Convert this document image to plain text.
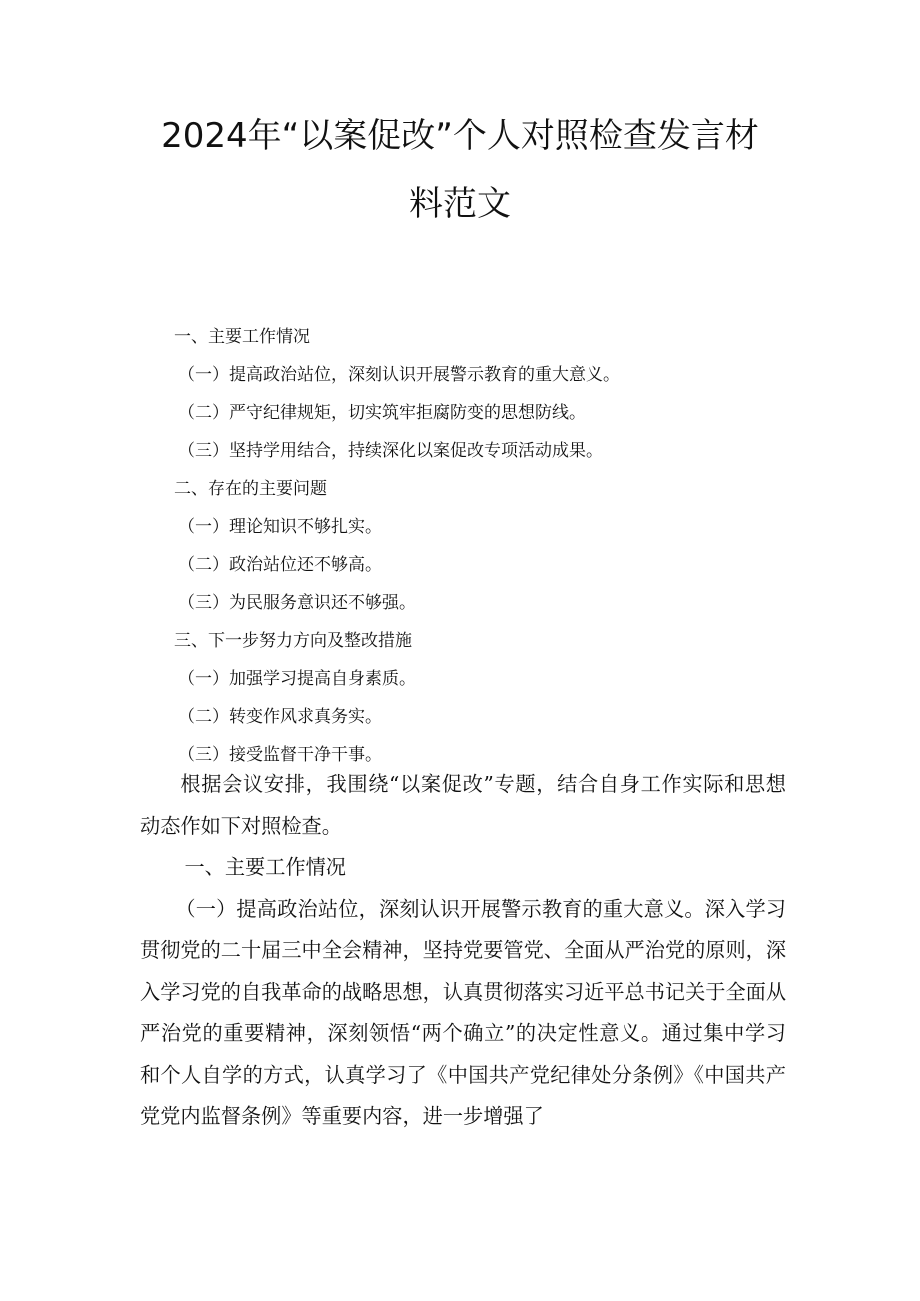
2024年“以案促改”个人对照检查发言材
料范文
一、主要工作情况
（一）提高政治站位，深刻认识开展警示教育的重大意义。
（二）严守纪律规矩，切实筑牢拒腐防变的思想防线。
（三）坚持学用结合，持续深化以案促改专项活动成果。
二、存在的主要问题
（一）理论知识不够扎实。
（二）政治站位还不够高。
（三）为民服务意识还不够强。
三、下一步努力方向及整改措施
（一）加强学习提高自身素质。
（二）转变作风求真务实。
（三）接受监督干净干事。

根据会议安排，我围绕“以案促改”专题，结合自身工作实际和思想动态作如下对照检查。

一、主要工作情况

（一）提高政治站位，深刻认识开展警示教育的重大意义。深入学习贯彻党的二十届三中全会精神，坚持党要管党、全面从严治党的原则，深入学习党的自我革命的战略思想，认真贯彻落实习近平总书记关于全面从严治党的重要精神，深刻领悟“两个确立”的决定性意义。通过集中学习和个人自学的方式，认真学习了《中国共产党纪律处分条例》《中国共产党党内监督条例》等重要内容，进一步增强了
